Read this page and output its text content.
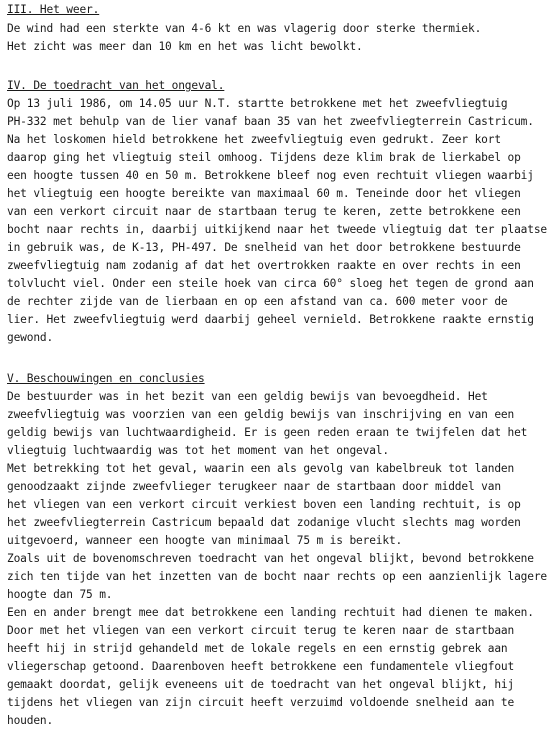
III. Het weer.
De wind had een sterkte van 4-6 kt en was vlagerig door sterke thermiek.
Het zicht was meer dan 10 km en het was licht bewolkt.
IV. De toedracht van het ongeval.
Op 13 juli 1986, om 14.05 uur N.T. startte betrokkene met het zweefvliegtuig
PH-332 met behulp van de lier vanaf baan 35 van het zweefvliegterrein Castricum.
Na het loskomen hield betrokkene het zweefvliegtuig even gedrukt. Zeer kort
daarop ging het vliegtuig steil omhoog. Tijdens deze klim brak de lierkabel op
een hoogte tussen 40 en 50 m. Betrokkene bleef nog even rechtuit vliegen waarbij
het vliegtuig een hoogte bereikte van maximaal 60 m. Teneinde door het vliegen
van een verkort circuit naar de startbaan terug te keren, zette betrokkene een
bocht naar rechts in, daarbij uitkijkend naar het tweede vliegtuig dat ter plaatse
in gebruik was, de K-13, PH-497. De snelheid van het door betrokkene bestuurde
zweefvliegtuig nam zodanig af dat het overtrokken raakte en over rechts in een
tolvlucht viel. Onder een steile hoek van circa 60° sloeg het tegen de grond aan
de rechter zijde van de lierbaan en op een afstand van ca. 600 meter voor de
lier. Het zweefvliegtuig werd daarbij geheel vernield. Betrokkene raakte ernstig
gewond.
V. Beschouwingen en conclusies
De bestuurder was in het bezit van een geldig bewijs van bevoegdheid. Het
zweefvliegtuig was voorzien van een geldig bewijs van inschrijving en van een
geldig bewijs van luchtwaardigheid. Er is geen reden eraan te twijfelen dat het
vliegtuig luchtwaardig was tot het moment van het ongeval.
Met betrekking tot het geval, waarin een als gevolg van kabelbreuk tot landen
genoodzaakt zijnde zweefvlieger terugkeer naar de startbaan door middel van
het vliegen van een verkort circuit verkiest boven een landing rechtuit, is op
het zweefvliegterrein Castricum bepaald dat zodanige vlucht slechts mag worden
uitgevoerd, wanneer een hoogte van minimaal 75 m is bereikt.
Zoals uit de bovenomschreven toedracht van het ongeval blijkt, bevond betrokkene
zich ten tijde van het inzetten van de bocht naar rechts op een aanzienlijk lagere
hoogte dan 75 m.
Een en ander brengt mee dat betrokkene een landing rechtuit had dienen te maken.
Door met het vliegen van een verkort circuit terug te keren naar de startbaan
heeft hij in strijd gehandeld met de lokale regels en een ernstig gebrek aan
vliegerschap getoond. Daarenboven heeft betrokkene een fundamentele vliegfout
gemaakt doordat, gelijk eveneens uit de toedracht van het ongeval blijkt, hij
tijdens het vliegen van zijn circuit heeft verzuimd voldoende snelheid aan te
houden.
